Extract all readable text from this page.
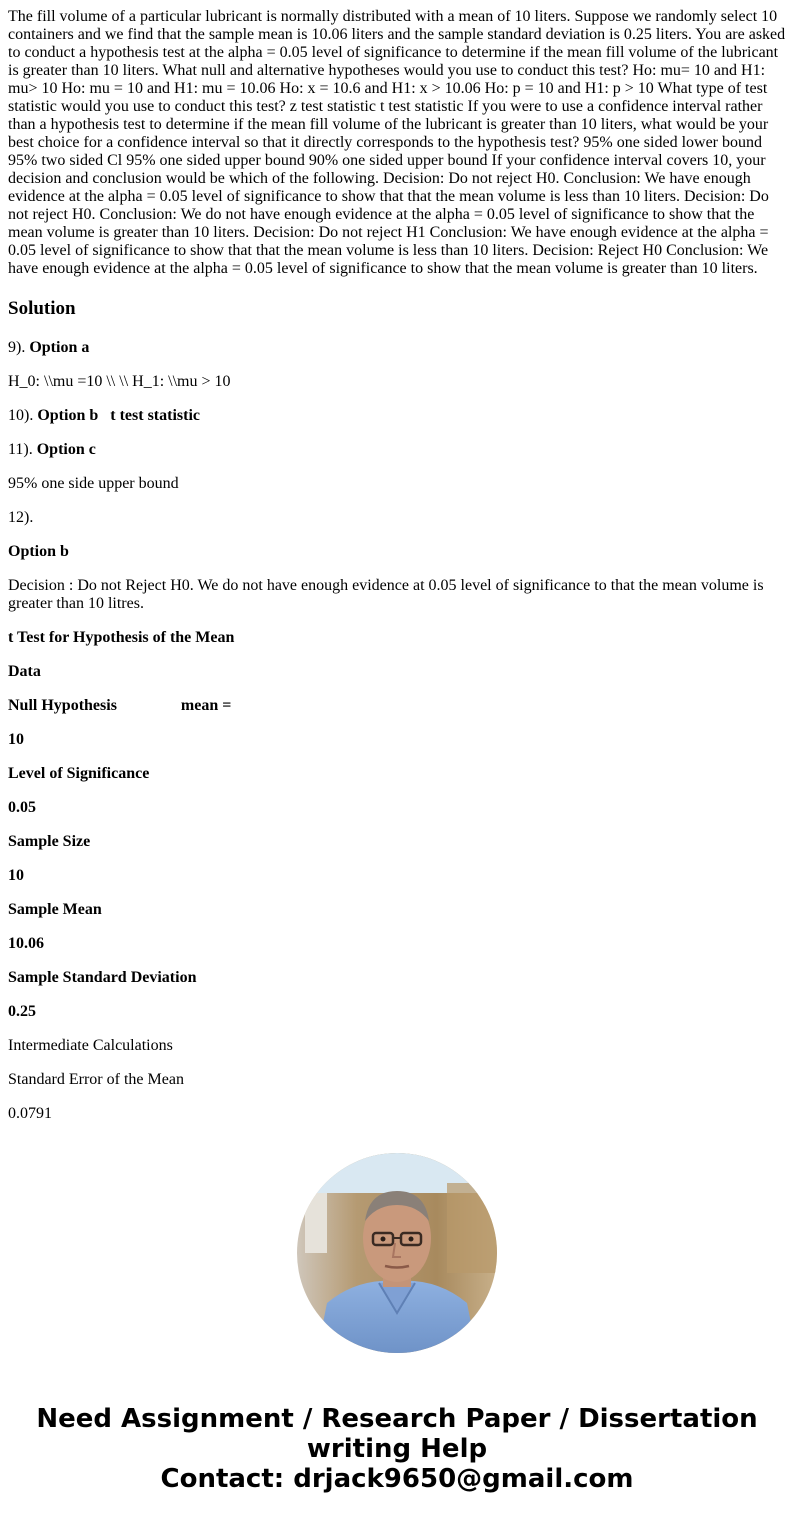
The fill volume of a particular lubricant is normally distributed with a mean of 10 liters. Suppose we randomly select 10 containers and we find that the sample mean is 10.06 liters and the sample standard deviation is 0.25 liters. You are asked to conduct a hypothesis test at the alpha = 0.05 level of significance to determine if the mean fill volume of the lubricant is greater than 10 liters. What null and alternative hypotheses would you use to conduct this test? Ho: mu= 10 and H1: mu> 10 Ho: mu = 10 and H1: mu = 10.06 Ho: x = 10.6 and H1: x > 10.06 Ho: p = 10 and H1: p > 10 What type of test statistic would you use to conduct this test? z test statistic t test statistic If you were to use a confidence interval rather than a hypothesis test to determine if the mean fill volume of the lubricant is greater than 10 liters, what would be your best choice for a confidence interval so that it directly corresponds to the hypothesis test? 95% one sided lower bound 95% two sided Cl 95% one sided upper bound 90% one sided upper bound If your confidence interval covers 10, your decision and conclusion would be which of the following. Decision: Do not reject H0. Conclusion: We have enough evidence at the alpha = 0.05 level of significance to show that that the mean volume is less than 10 liters. Decision: Do not reject H0. Conclusion: We do not have enough evidence at the alpha = 0.05 level of significance to show that the mean volume is greater than 10 liters. Decision: Do not reject H1 Conclusion: We have enough evidence at the alpha = 0.05 level of significance to show that that the mean volume is less than 10 liters. Decision: Reject H0 Conclusion: We have enough evidence at the alpha = 0.05 level of significance to show that the mean volume is greater than 10 liters.

Solution

9). Option a

H_0: \\mu =10 \\ \\ H_1: \\mu > 10

10). Option b t test statistic

11). Option c

95% one side upper bound

12).

Option b

Decision : Do not Reject H0. We do not have enough evidence at 0.05 level of significance to that the mean volume is greater than 10 litres.

t Test for Hypothesis of the Mean

Data

Null Hypothesis	mean =

10

Level of Significance

0.05

Sample Size

10

Sample Mean

10.06

Sample Standard Deviation

0.25

Intermediate Calculations

Standard Error of the Mean

0.0791

Need Assignment / Research Paper / Dissertation
writing Help
Contact: drjack9650@gmail.com
